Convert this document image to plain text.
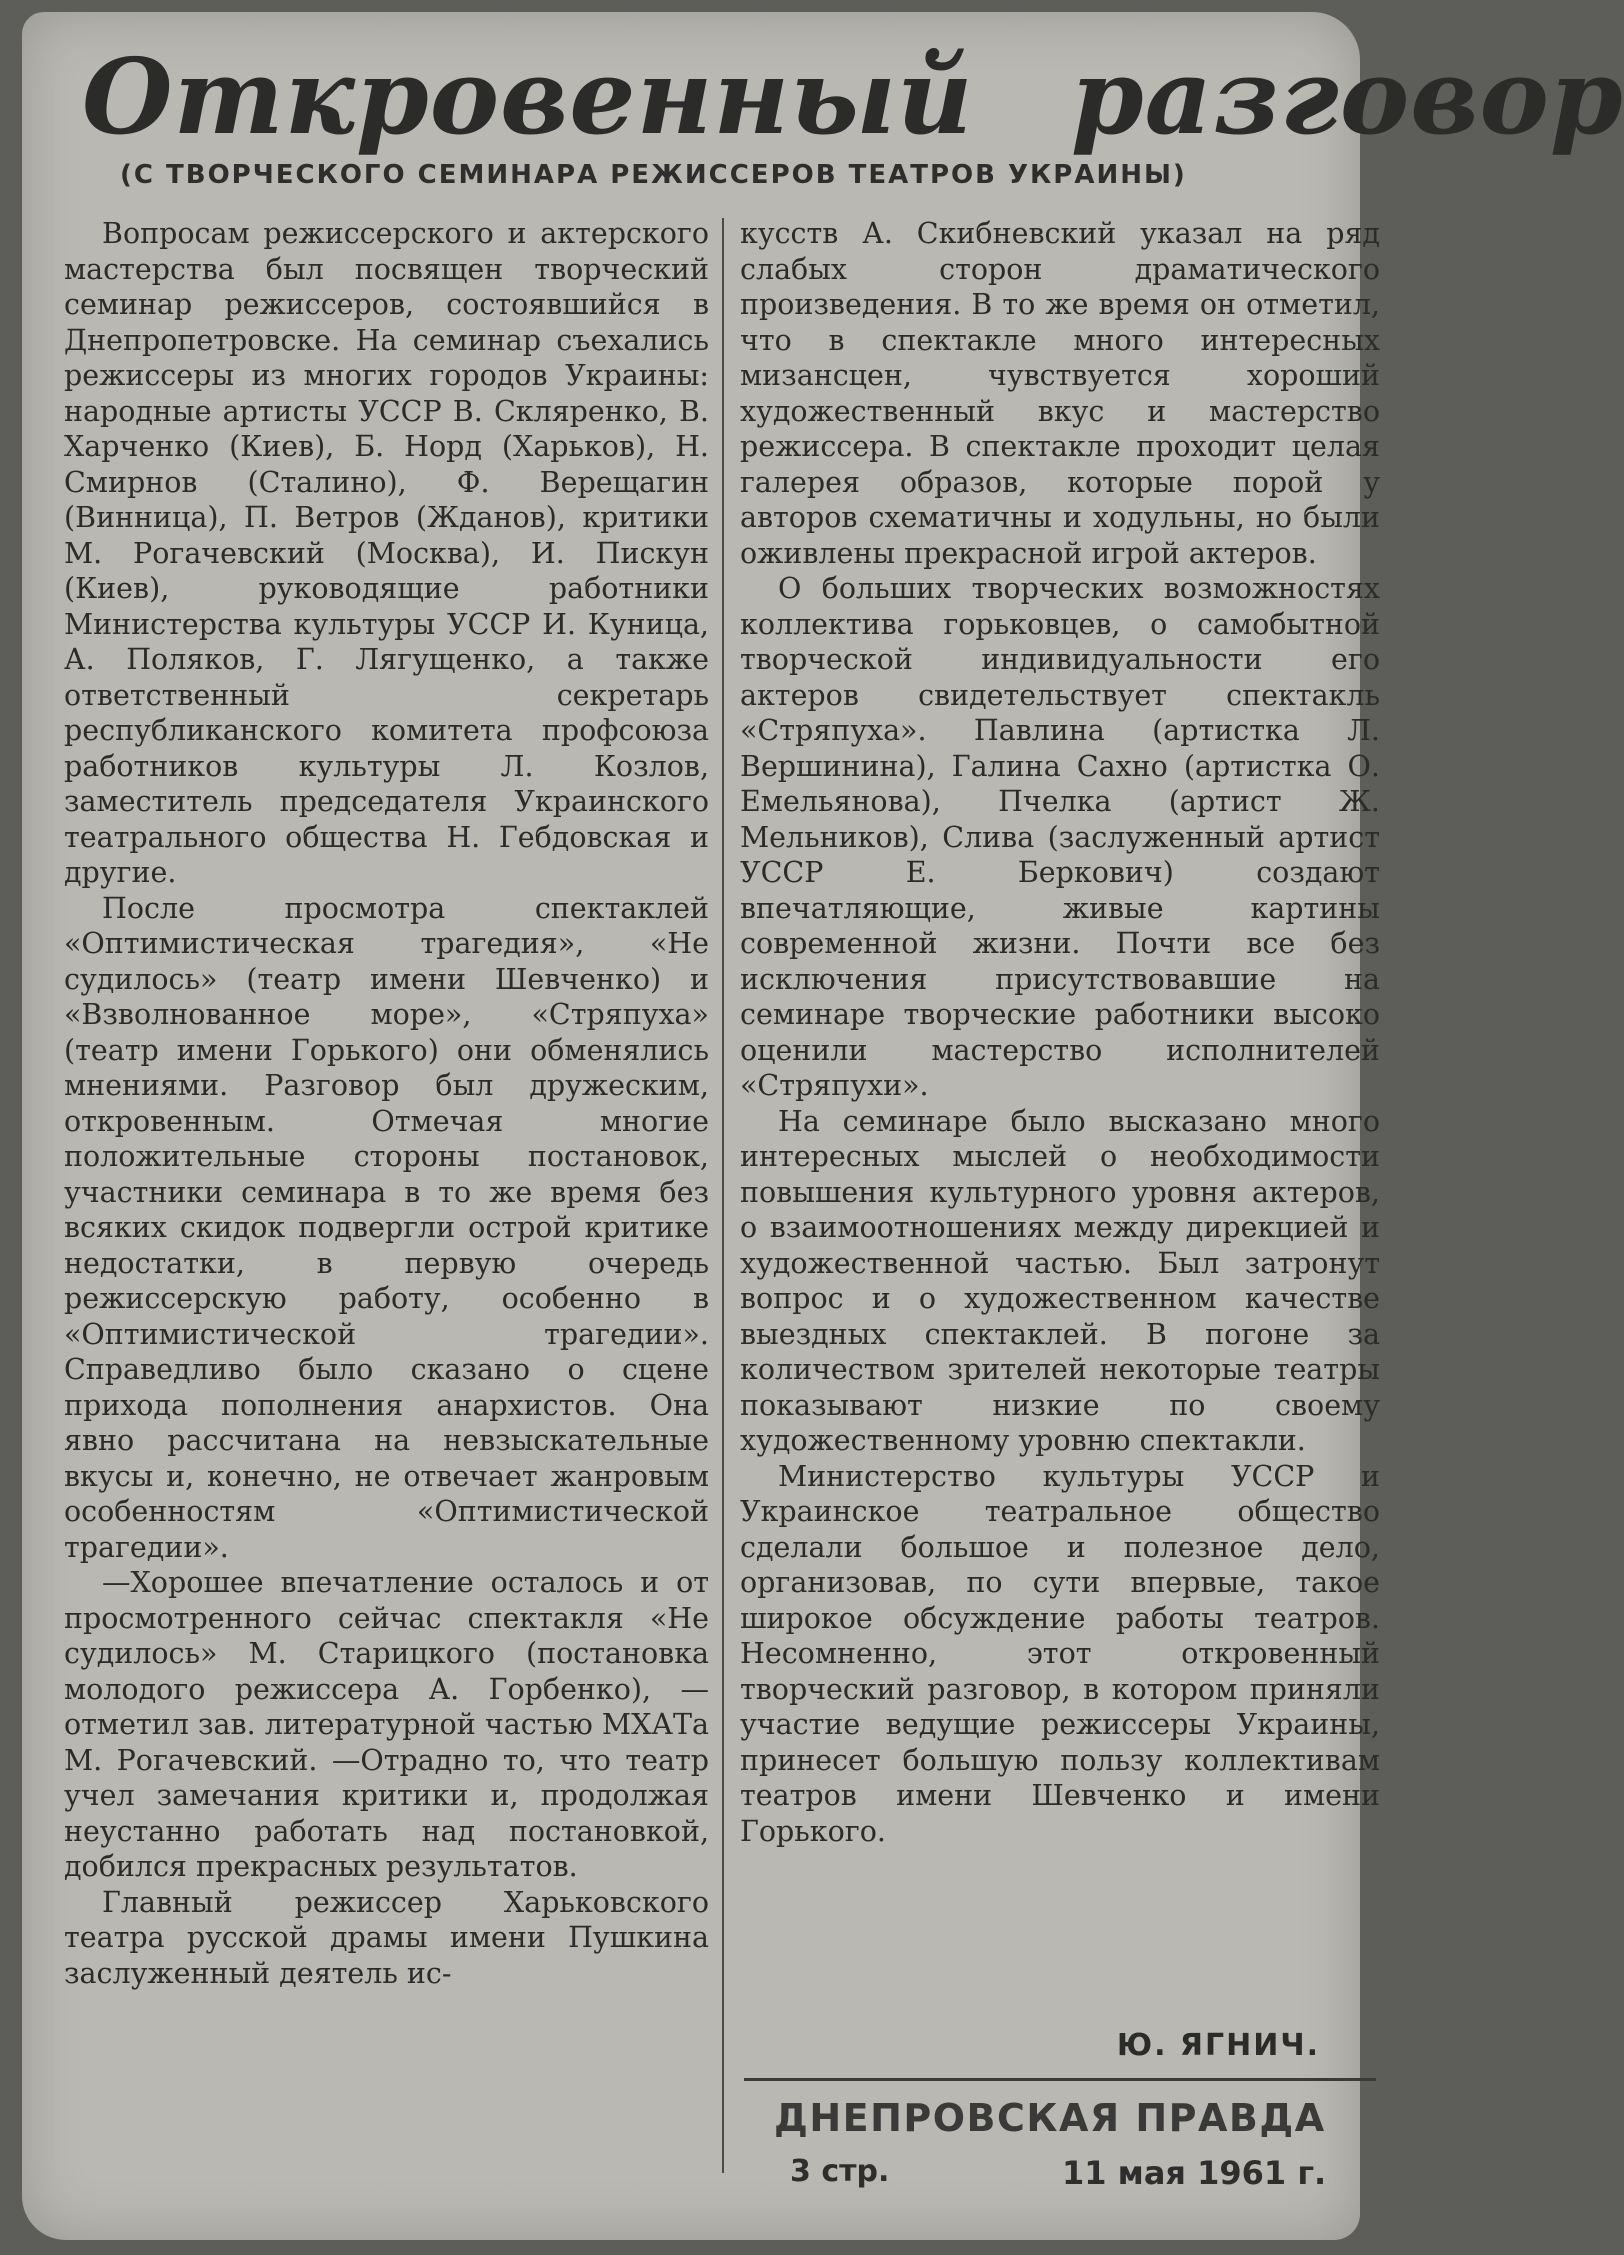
Откровенный разговор
(С ТВОРЧЕСКОГО СЕМИНАРА РЕЖИССЕРОВ ТЕАТРОВ УКРАИНЫ)

Вопросам режиссерского и актерского мастерства был посвящен творческий семинар режиссеров, состоявшийся в Днепропетровске. На семинар съехались режиссеры из многих городов Украины: народные артисты УССР В. Скляренко, В. Харченко (Киев), Б. Норд (Харьков), Н. Смирнов (Сталино), Ф. Верещагин (Винница), П. Ветров (Жданов), критики М. Рогачевский (Москва), И. Пискун (Киев), руководящие работники Министерства культуры УССР И. Куница, А. Поляков, Г. Лягущенко, а также ответственный секретарь республиканского комитета профсоюза работников культуры Л. Козлов, заместитель председателя Украинского театрального общества Н. Гебдовская и другие.

После просмотра спектаклей «Оптимистическая трагедия», «Не судилось» (театр имени Шевченко) и «Взволнованное море», «Стряпуха» (театр имени Горького) они обменялись мнениями. Разговор был дружеским, откровенным. Отмечая многие положительные стороны постановок, участники семинара в то же время без всяких скидок подвергли острой критике недостатки, в первую очередь режиссерскую работу, особенно в «Оптимистической трагедии». Справедливо было сказано о сцене прихода пополнения анархистов. Она явно рассчитана на невзыскательные вкусы и, конечно, не отвечает жанровым особенностям «Оптимистической трагедии».

—Хорошее впечатление осталось и от просмотренного сейчас спектакля «Не судилось» М. Старицкого (постановка молодого режиссера А. Горбенко), — отметил зав. литературной частью МХАТа М. Рогачевский. —Отрадно то, что театр учел замечания критики и, продолжая неустанно работать над постановкой, добился прекрасных результатов.

Главный режиссер Харьковского театра русской драмы имени Пушкина заслуженный деятель ис-

кусств А. Скибневский указал на ряд слабых сторон драматического произведения. В то же время он отметил, что в спектакле много интересных мизансцен, чувствуется хороший художественный вкус и мастерство режиссера. В спектакле проходит целая галерея образов, которые порой у авторов схематичны и ходульны, но были оживлены прекрасной игрой актеров.

О больших творческих возможностях коллектива горьковцев, о самобытной творческой индивидуальности его актеров свидетельствует спектакль «Стряпуха». Павлина (артистка Л. Вершинина), Галина Сахно (артистка О. Емельянова), Пчелка (артист Ж. Мельников), Слива (заслуженный артист УССР Е. Беркович) создают впечатляющие, живые картины современной жизни. Почти все без исключения присутствовавшие на семинаре творческие работники высоко оценили мастерство исполнителей «Стряпухи».

На семинаре было высказано много интересных мыслей о необходимости повышения культурного уровня актеров, о взаимоотношениях между дирекцией и художественной частью. Был затронут вопрос и о художественном качестве выездных спектаклей. В погоне за количеством зрителей некоторые театры показывают низкие по своему художественному уровню спектакли.

Министерство культуры УССР и Украинское театральное общество сделали большое и полезное дело, организовав, по сути впервые, такое широкое обсуждение работы театров. Несомненно, этот откровенный творческий разговор, в котором приняли участие ведущие режиссеры Украины, принесет большую пользу коллективам театров имени Шевченко и имени Горького.

Ю. ЯГНИЧ.
ДНЕПРОВСКАЯ ПРАВДА
3 стр.	11 мая 1961 г.
